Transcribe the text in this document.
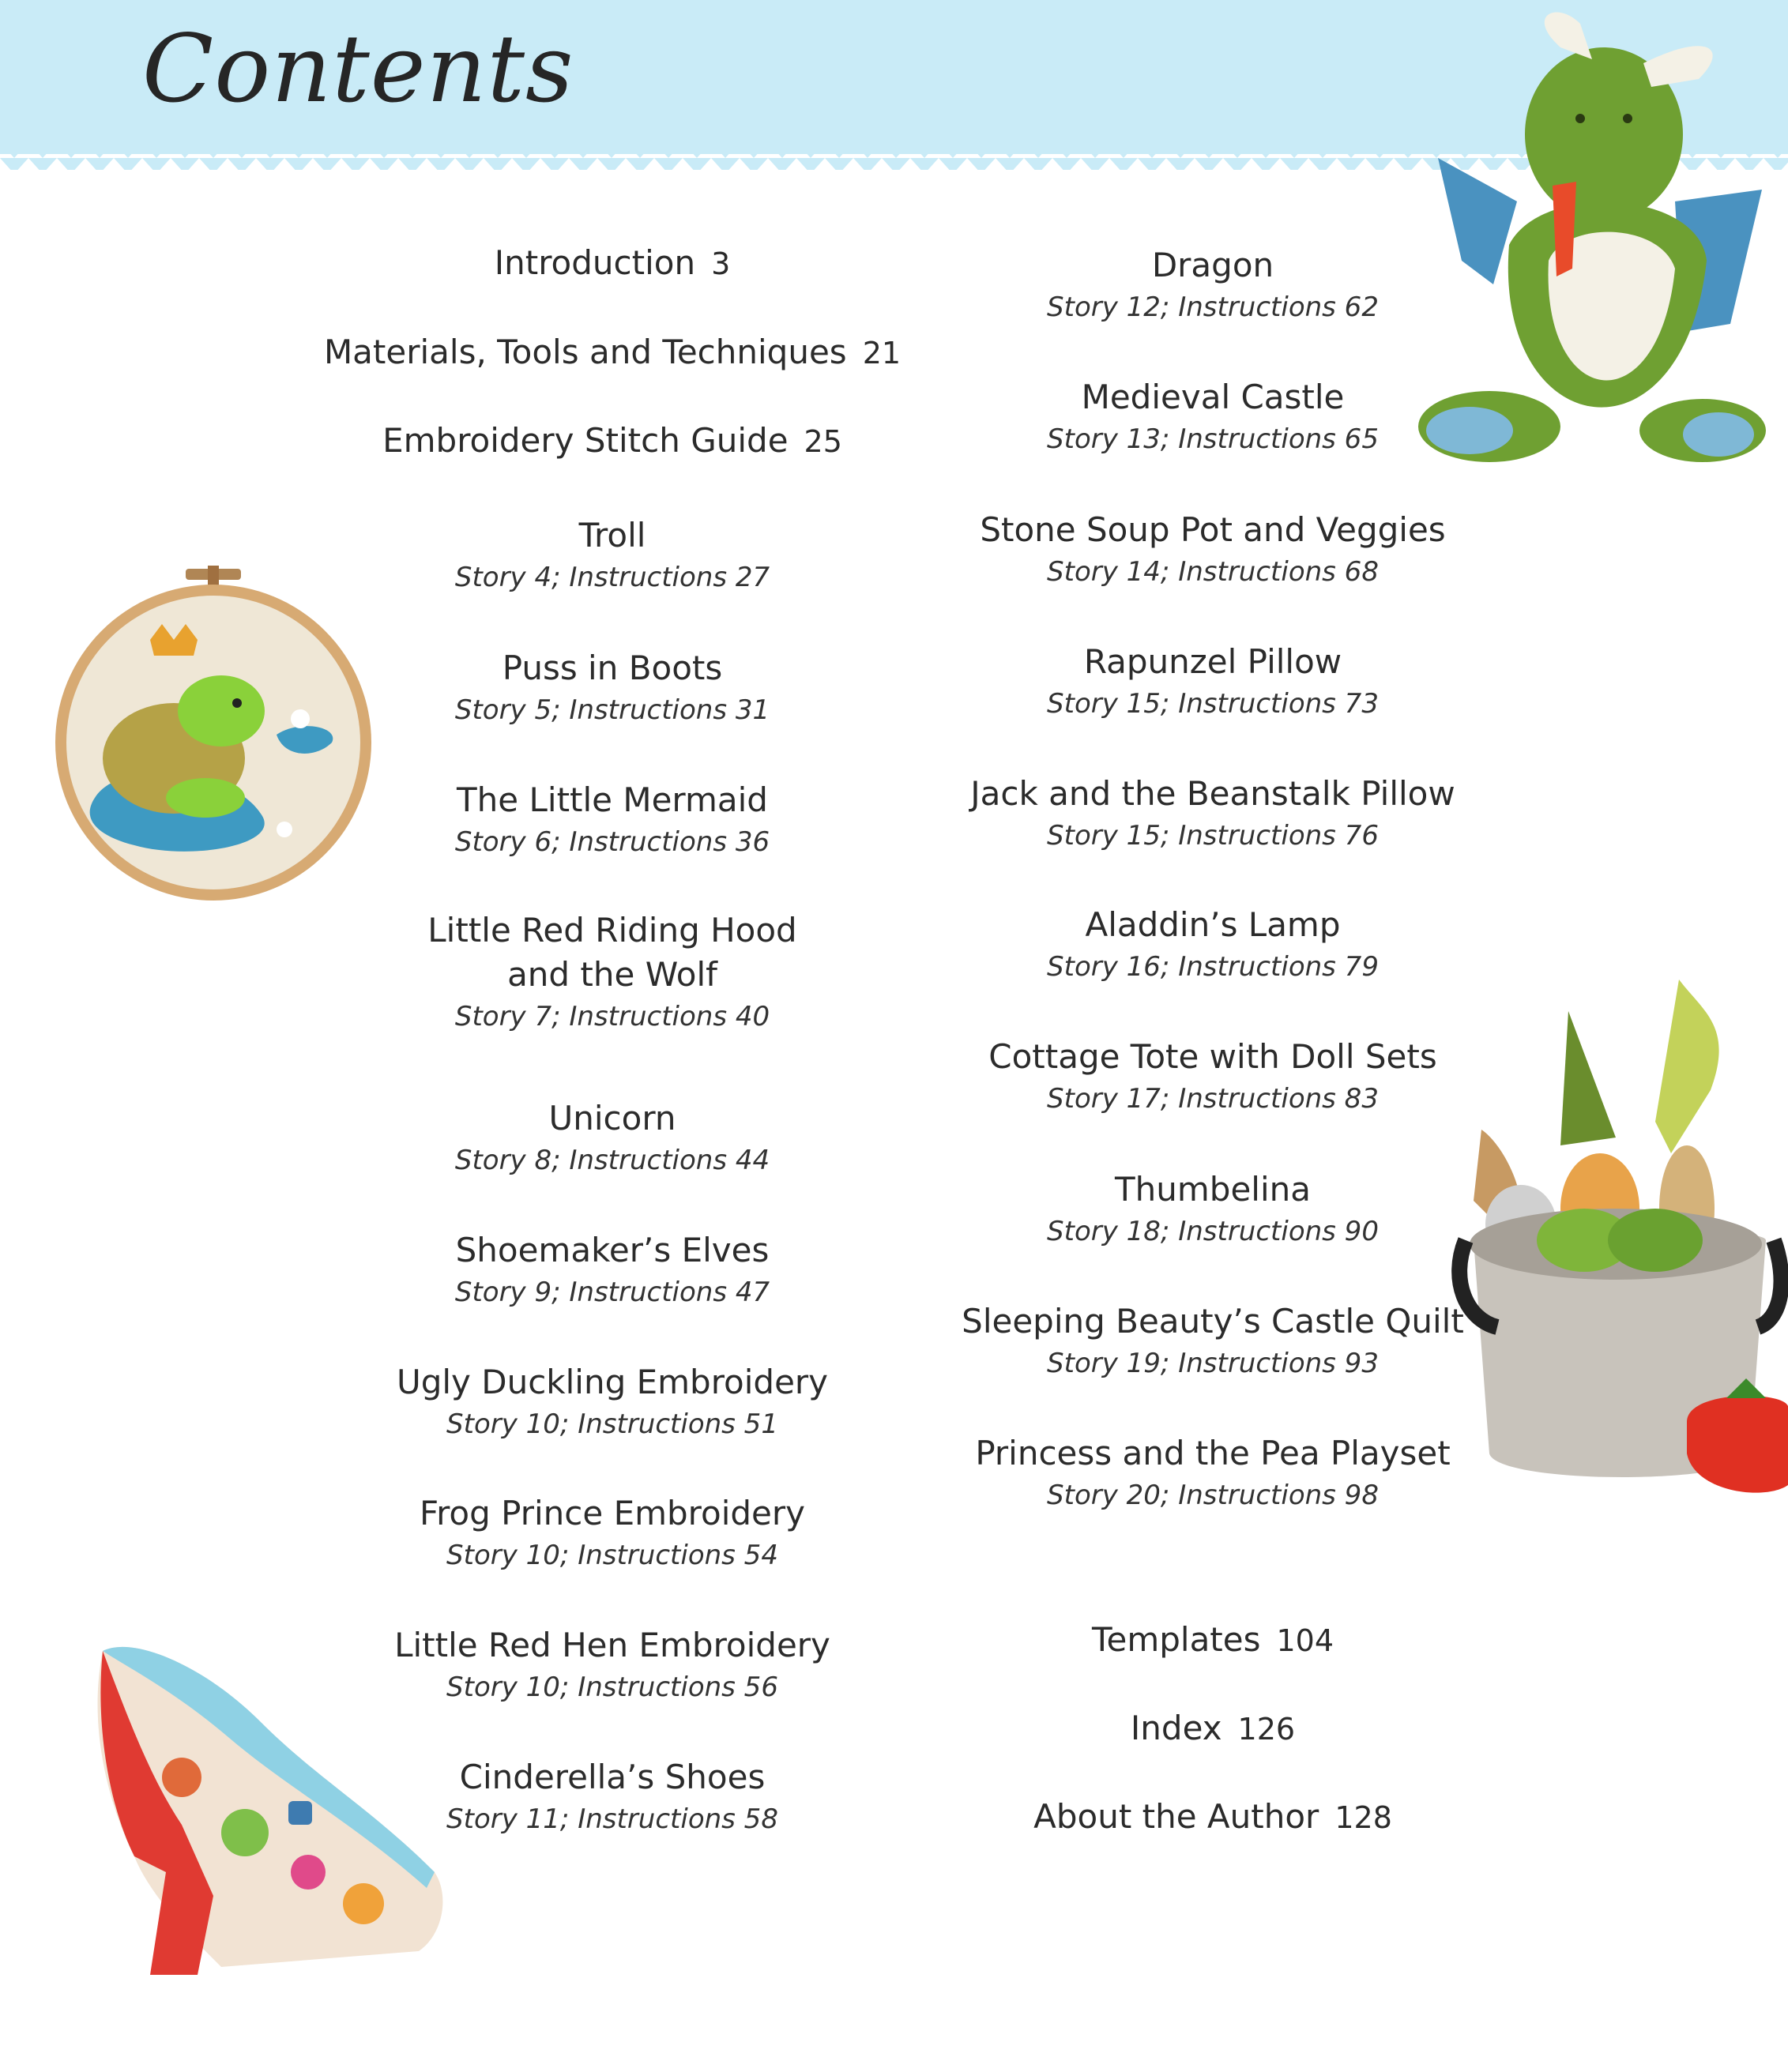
Contents
Introduction 3
Materials, Tools and Techniques 21
Embroidery Stitch Guide 25
Troll
Story 4; Instructions 27
Puss in Boots
Story 5; Instructions 31
The Little Mermaid
Story 6; Instructions 36
Little Red Riding Hood
and the Wolf
Story 7; Instructions 40
Unicorn
Story 8; Instructions 44
Shoemaker’s Elves
Story 9; Instructions 47
Ugly Duckling Embroidery
Story 10; Instructions 51
Frog Prince Embroidery
Story 10; Instructions 54
Little Red Hen Embroidery
Story 10; Instructions 56
Cinderella’s Shoes
Story 11; Instructions 58
Dragon
Story 12; Instructions 62
Medieval Castle
Story 13; Instructions 65
Stone Soup Pot and Veggies
Story 14; Instructions 68
Rapunzel Pillow
Story 15; Instructions 73
Jack and the Beanstalk Pillow
Story 15; Instructions 76
Aladdin’s Lamp
Story 16; Instructions 79
Cottage Tote with Doll Sets
Story 17; Instructions 83
Thumbelina
Story 18; Instructions 90
Sleeping Beauty’s Castle Quilt
Story 19; Instructions 93
Princess and the Pea Playset
Story 20; Instructions 98
Templates 104
Index 126
About the Author 128
